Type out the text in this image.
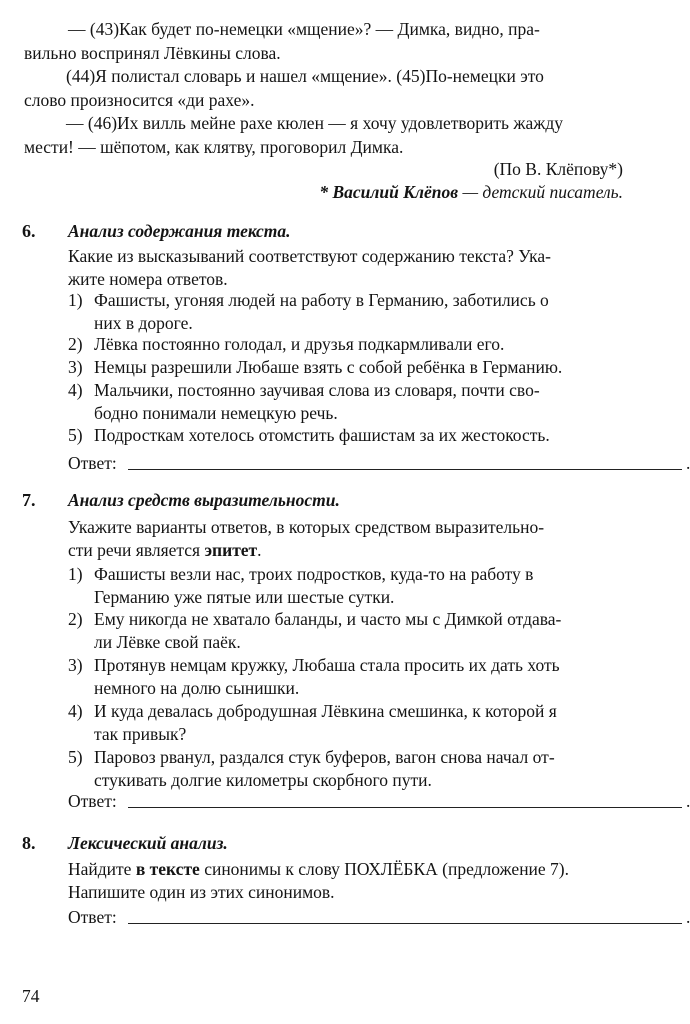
— (43)Как будет по-немецки «мщение»? — Димка, видно, пра-
вильно воспринял Лёвкины слова.
(44)Я полистал словарь и нашел «мщение». (45)По-немецки это
слово произносится «ди рахе».
— (46)Их вилль мейне рахе кюлен — я хочу удовлетворить жажду
мести! — шёпотом, как клятву, проговорил Димка.
(По В. Клёпову*)
* Василий Клёпов — детский писатель.
6. Анализ содержания текста.
Какие из высказываний соответствуют содержанию текста? Ука-
жите номера ответов.
1) Фашисты, угоняя людей на работу в Германию, заботились о
них в дороге.
2) Лёвка постоянно голодал, и друзья подкармливали его.
3) Немцы разрешили Любаше взять с собой ребёнка в Германию.
4) Мальчики, постоянно заучивая слова из словаря, почти сво-
бодно понимали немецкую речь.
5) Подросткам хотелось отомстить фашистам за их жестокость.
Ответ:	.
7. Анализ средств выразительности.
Укажите варианты ответов, в которых средством выразительно-
сти речи является эпитет.
1) Фашисты везли нас, троих подростков, куда-то на работу в
Германию уже пятые или шестые сутки.
2) Ему никогда не хватало баланды, и часто мы с Димкой отдава-
ли Лёвке свой паёк.
3) Протянув немцам кружку, Любаша стала просить их дать хоть
немного на долю сынишки.
4) И куда девалась добродушная Лёвкина смешинка, к которой я
так привык?
5) Паровоз рванул, раздался стук буферов, вагон снова начал от-
стукивать долгие километры скорбного пути.
Ответ:	.
8. Лексический анализ.
Найдите в тексте синонимы к слову ПОХЛЁБКА (предложение 7).
Напишите один из этих синонимов.
Ответ:	.
74
